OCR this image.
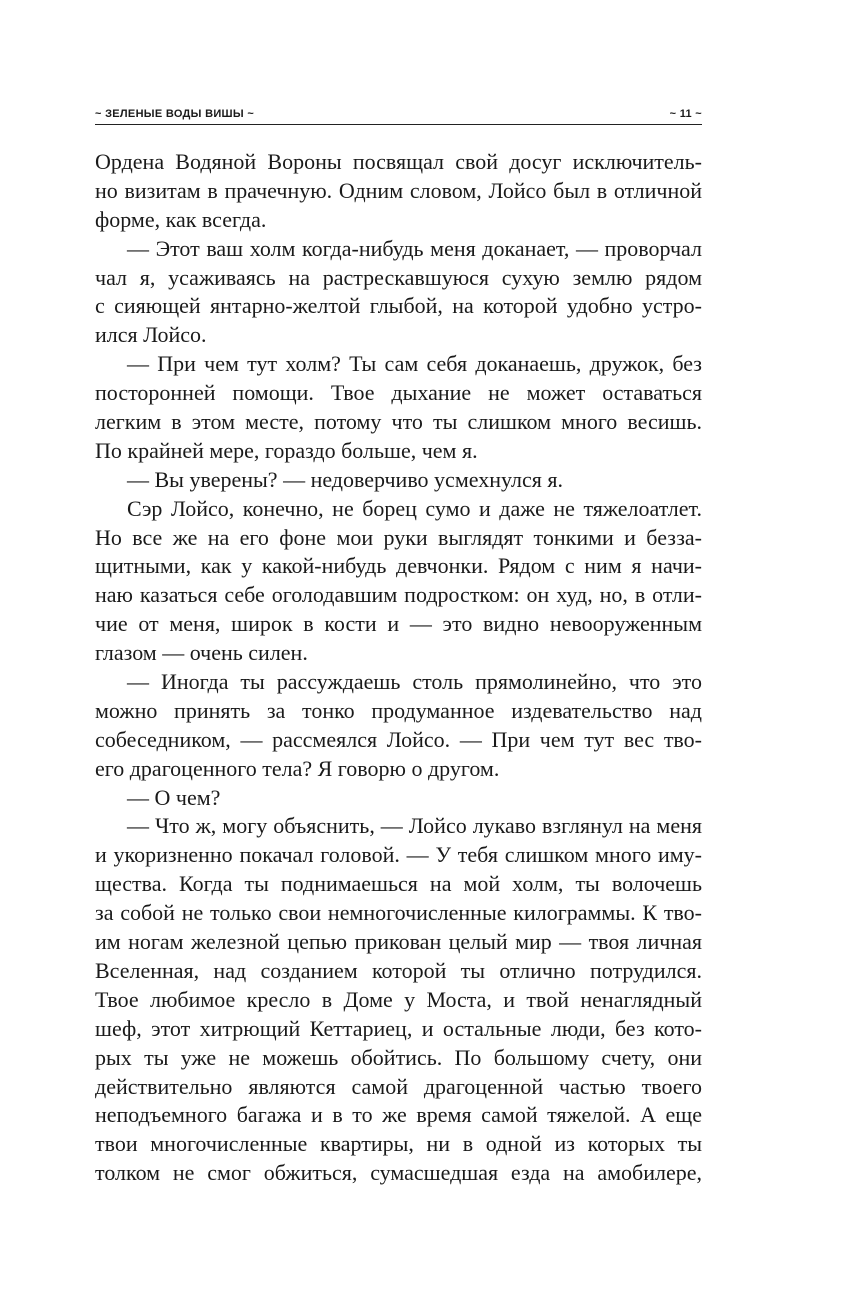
~ ЗЕЛЕНЫЕ ВОДЫ ВИШЫ ~	~ 11 ~
Ордена Водяной Вороны посвящал свой досуг исключитель-
но визитам в прачечную. Одним словом, Лойсо был в отличной
форме, как всегда.
— Этот ваш холм когда-нибудь меня доканает, — проворчал
чал я, усаживаясь на растрескавшуюся сухую землю рядом
с сияющей янтарно-желтой глыбой, на которой удобно устро-
ился Лойсо.
— При чем тут холм? Ты сам себя доканаешь, дружок, без
посторонней помощи. Твое дыхание не может оставаться
легким в этом месте, потому что ты слишком много весишь.
По крайней мере, гораздо больше, чем я.
— Вы уверены? — недоверчиво усмехнулся я.
Сэр Лойсо, конечно, не борец сумо и даже не тяжелоатлет.
Но все же на его фоне мои руки выглядят тонкими и безза-
щитными, как у какой-нибудь девчонки. Рядом с ним я начи-
наю казаться себе оголодавшим подростком: он худ, но, в отли-
чие от меня, широк в кости и — это видно невооруженным
глазом — очень силен.
— Иногда ты рассуждаешь столь прямолинейно, что это
можно принять за тонко продуманное издевательство над
собеседником, — рассмеялся Лойсо. — При чем тут вес тво-
его драгоценного тела? Я говорю о другом.
— О чем?
— Что ж, могу объяснить, — Лойсо лукаво взглянул на меня
и укоризненно покачал головой. — У тебя слишком много иму-
щества. Когда ты поднимаешься на мой холм, ты волочешь
за собой не только свои немногочисленные килограммы. К тво-
им ногам железной цепью прикован целый мир — твоя личная
Вселенная, над созданием которой ты отлично потрудился.
Твое любимое кресло в Доме у Моста, и твой ненаглядный
шеф, этот хитрющий Кеттариец, и остальные люди, без кото-
рых ты уже не можешь обойтись. По большому счету, они
действительно являются самой драгоценной частью твоего
неподъемного багажа и в то же время самой тяжелой. А еще
твои многочисленные квартиры, ни в одной из которых ты
толком не смог обжиться, сумасшедшая езда на амобилере,
